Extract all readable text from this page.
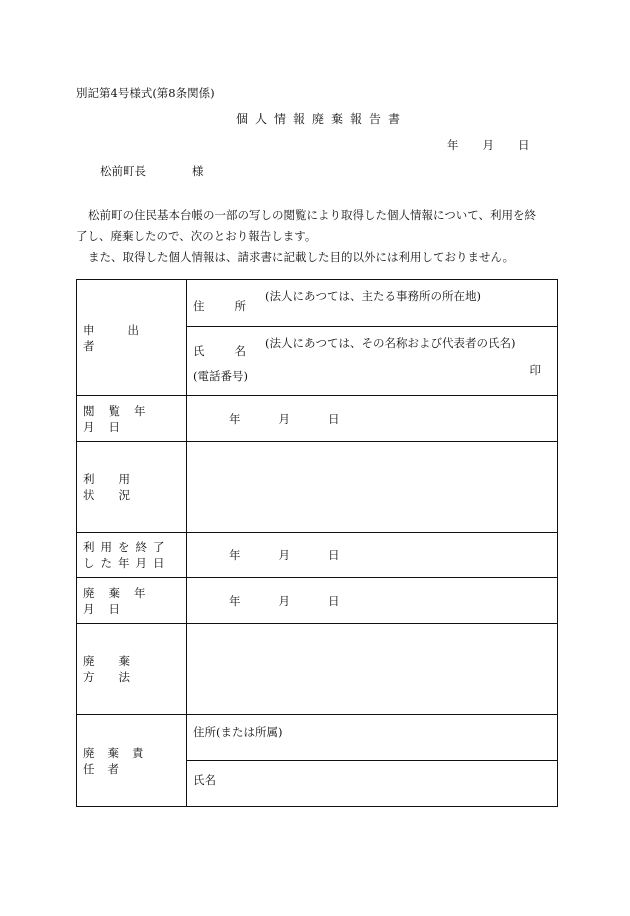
別記第4号様式(第8条関係)
個人情報廃棄報告書
年 月 日
松前町長	様

松前町の住民基本台帳の一部の写しの閲覧により取得した個人情報について、利用を終

了し、廃棄したので、次のとおり報告します。

また、取得した個人情報は、請求書に記載した目的以外には利用しておりません。

申出者	住所
(法人にあつては、主たる事務所の所在地)

	氏名
(法人にあつては、その名称および代表者の氏名)
(電話番号) 印

閲覧年月日	年 月 日

利用状況	

利用を終了した年月日	年 月 日

廃棄年月日	年 月 日

廃棄方法	

廃棄責任者	住所(または所属)

	氏名
